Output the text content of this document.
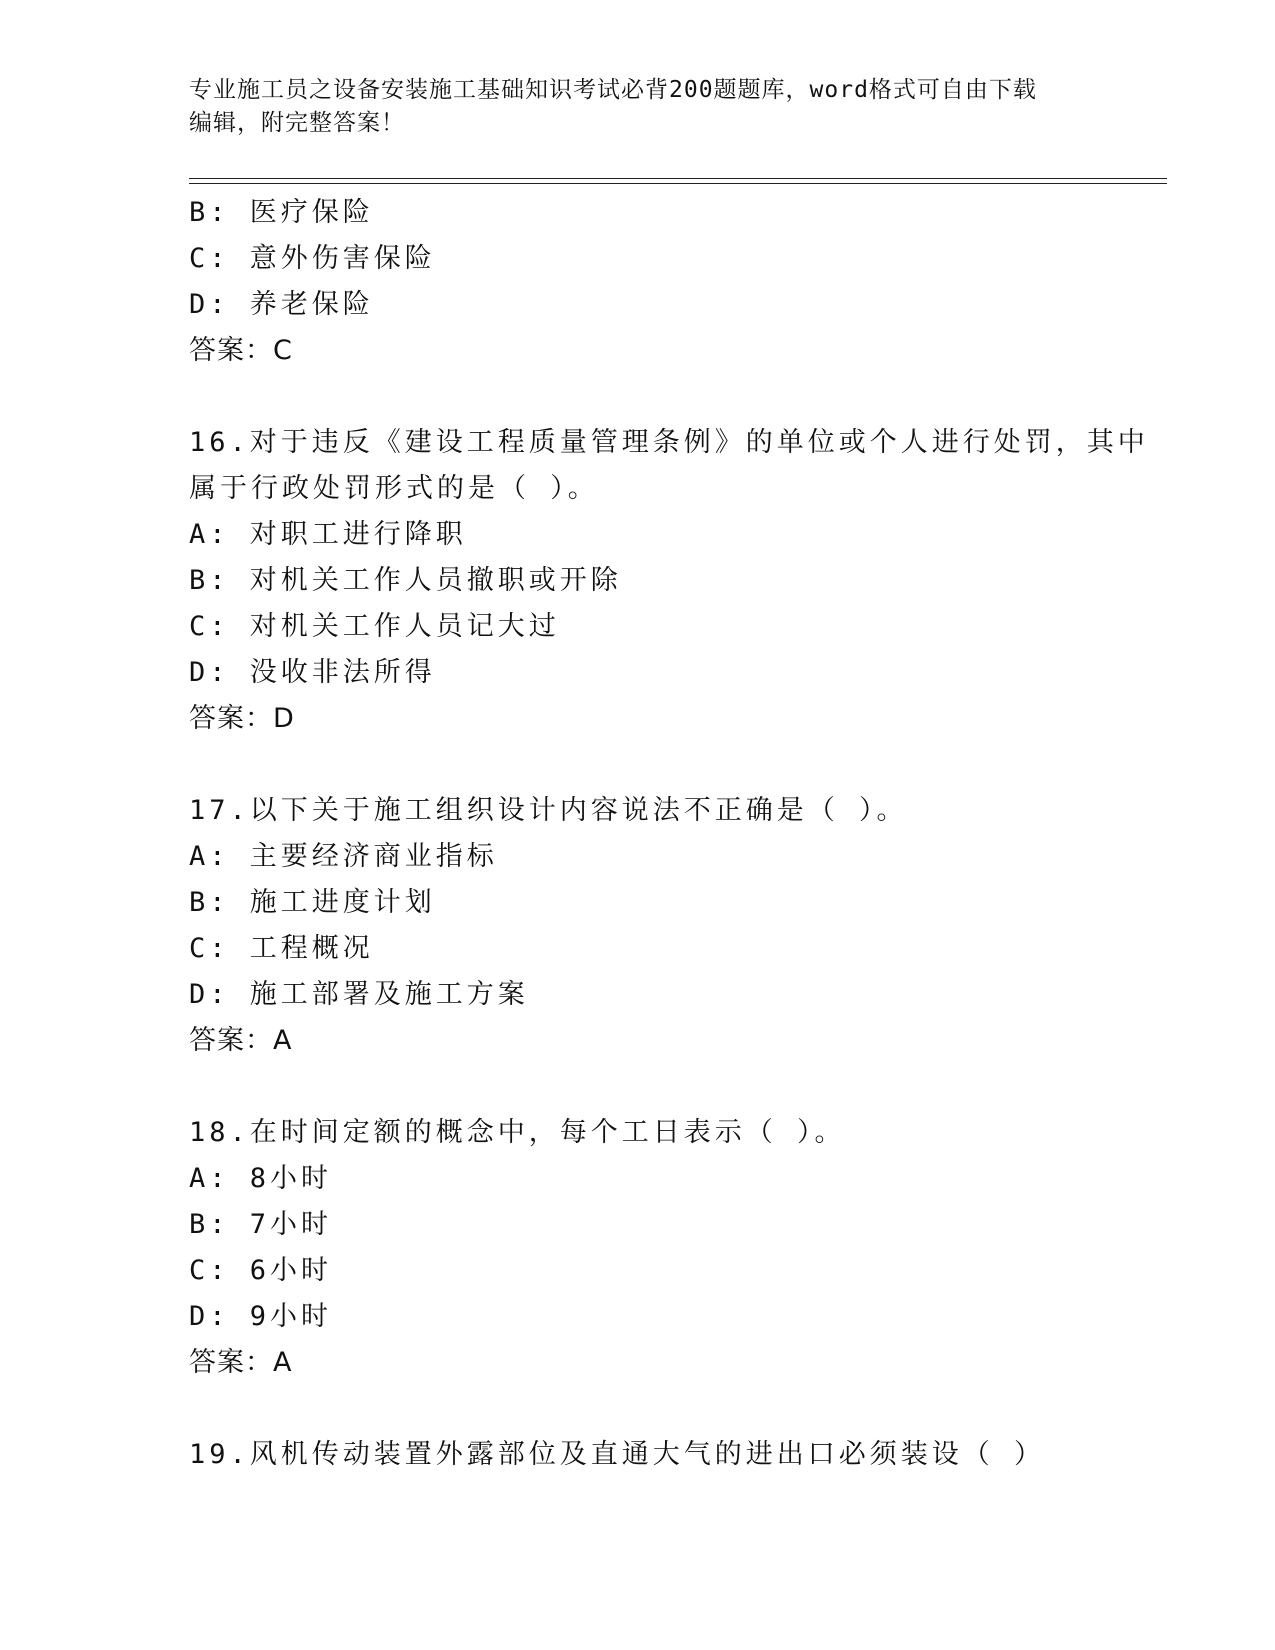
专业施工员之设备安装施工基础知识考试必背200题题库，word格式可自由下载
编辑，附完整答案！
B: 医疗保险
C: 意外伤害保险
D: 养老保险
答案：C
16.对于违反《建设工程质量管理条例》的单位或个人进行处罚，其中
属于行政处罚形式的是（ ）。
A: 对职工进行降职
B: 对机关工作人员撤职或开除
C: 对机关工作人员记大过
D: 没收非法所得
答案：D
17.以下关于施工组织设计内容说法不正确是（ ）。
A: 主要经济商业指标
B: 施工进度计划
C: 工程概况
D: 施工部署及施工方案
答案：A
18.在时间定额的概念中，每个工日表示（ ）。
A: 8小时
B: 7小时
C: 6小时
D: 9小时
答案：A
19.风机传动装置外露部位及直通大气的进出口必须装设（ ）
